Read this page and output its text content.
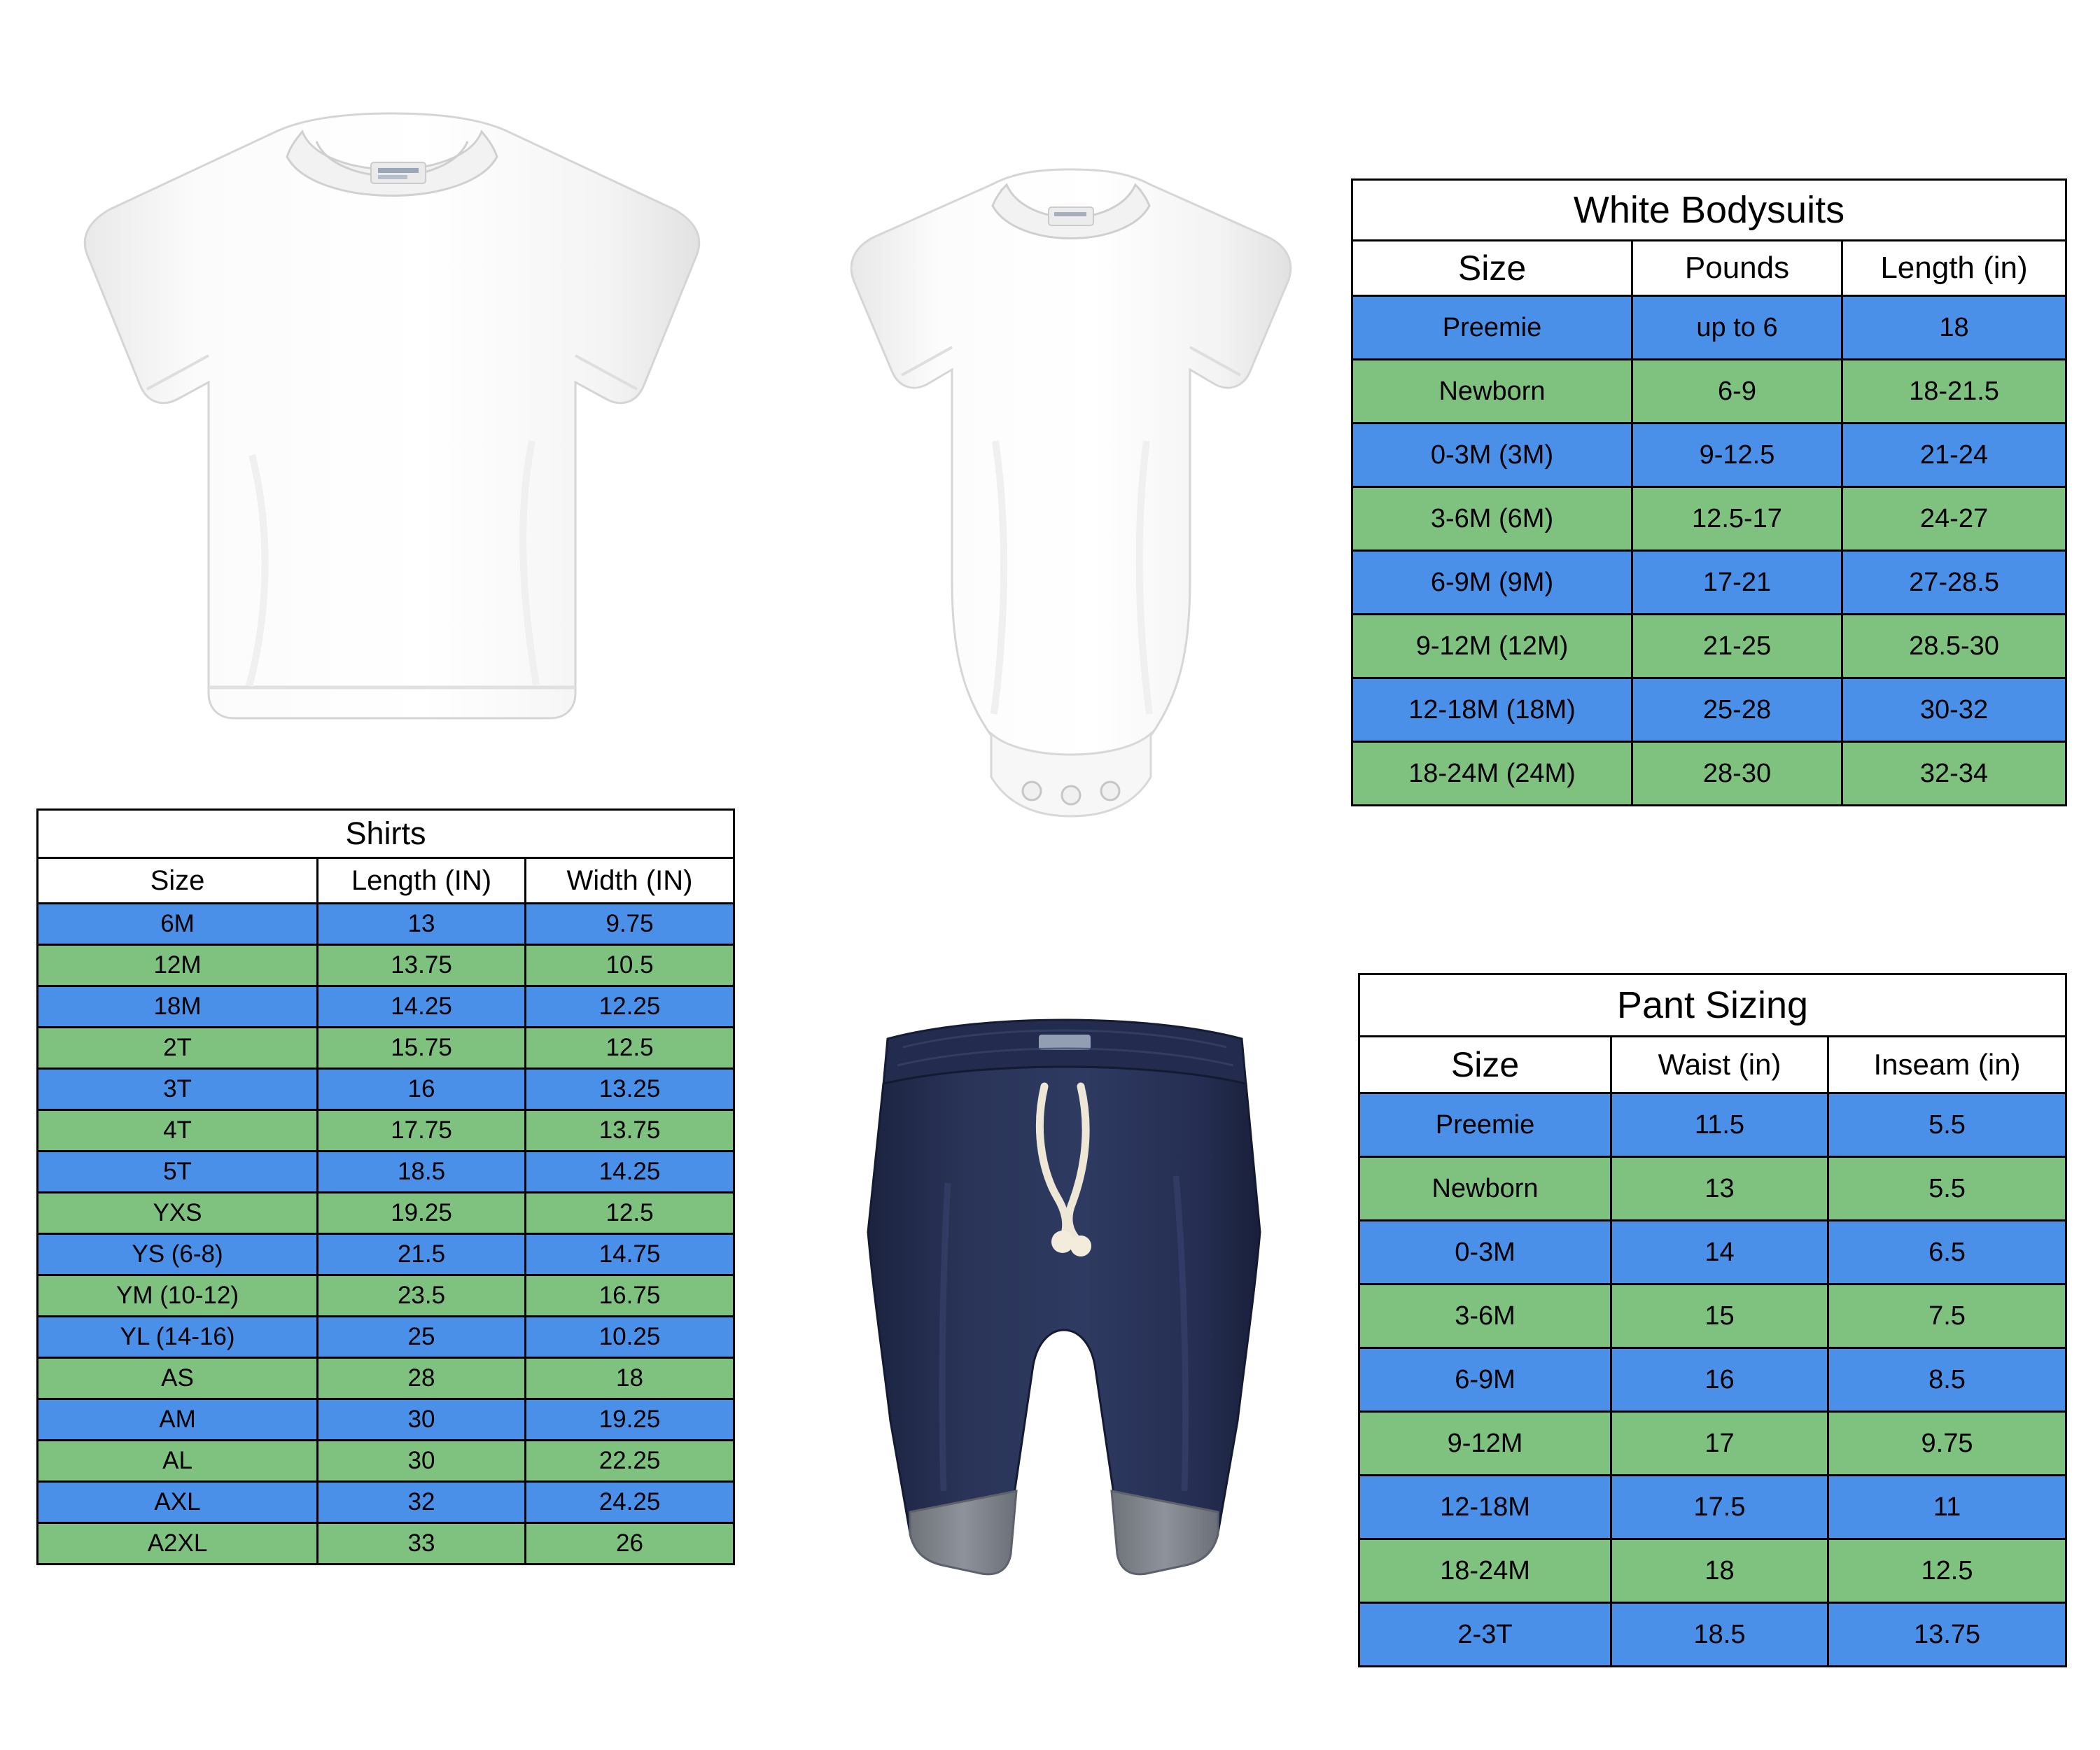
Shirts		
Size	Length (IN)	Width (IN)
6M	13	9.75
12M	13.75	10.5
18M	14.25	12.25
2T	15.75	12.5
3T	16	13.25
4T	17.75	13.75
5T	18.5	14.25
YXS	19.25	12.5
YS (6-8)	21.5	14.75
YM (10-12)	23.5	16.75
YL (14-16)	25	10.25
AS	28	18
AM	30	19.25
AL	30	22.25
AXL	32	24.25
A2XL	33	26
White Bodysuits		
Size	Pounds	Length (in)
Preemie	up to 6	18
Newborn	6-9	18-21.5
0-3M (3M)	9-12.5	21-24
3-6M (6M)	12.5-17	24-27
6-9M (9M)	17-21	27-28.5
9-12M (12M)	21-25	28.5-30
12-18M (18M)	25-28	30-32
18-24M (24M)	28-30	32-34
Pant Sizing		
Size	Waist (in)	Inseam (in)
Preemie	11.5	5.5
Newborn	13	5.5
0-3M	14	6.5
3-6M	15	7.5
6-9M	16	8.5
9-12M	17	9.75
12-18M	17.5	11
18-24M	18	12.5
2-3T	18.5	13.75
